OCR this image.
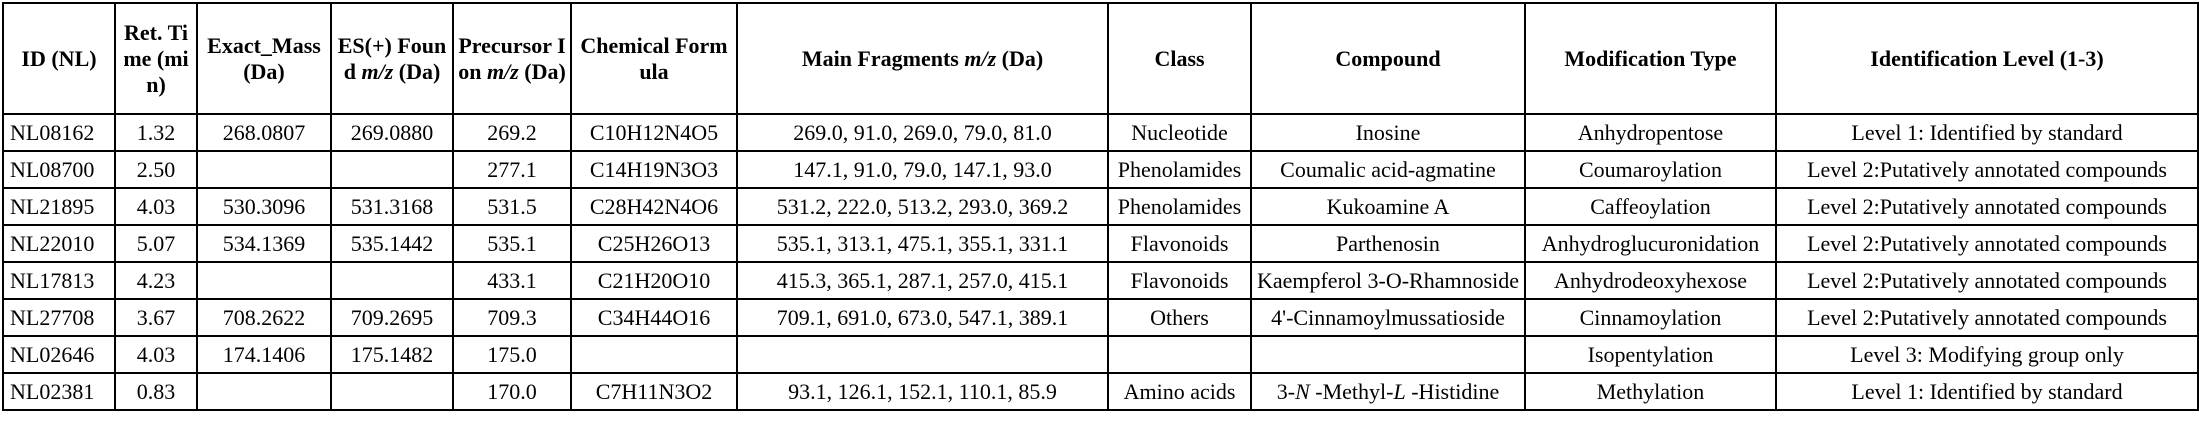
ID (NL)	Ret. Time (min)	Exact_Mass (Da)	ES(+) Found m/z (Da)	Precursor Ion m/z (Da)	Chemical Formula	Main Fragments m/z (Da)	Class	Compound	Modification Type	Identification Level (1-3)
NL08162	1.32	268.0807	269.0880	269.2	C10H12N4O5	269.0, 91.0, 269.0, 79.0, 81.0	Nucleotide	Inosine	Anhydropentose	Level 1: Identified by standard
NL08700	2.50			277.1	C14H19N3O3	147.1, 91.0, 79.0, 147.1, 93.0	Phenolamides	Coumalic acid-agmatine	Coumaroylation	Level 2:Putatively annotated compounds
NL21895	4.03	530.3096	531.3168	531.5	C28H42N4O6	531.2, 222.0, 513.2, 293.0, 369.2	Phenolamides	Kukoamine A	Caffeoylation	Level 2:Putatively annotated compounds
NL22010	5.07	534.1369	535.1442	535.1	C25H26O13	535.1, 313.1, 475.1, 355.1, 331.1	Flavonoids	Parthenosin	Anhydroglucuronidation	Level 2:Putatively annotated compounds
NL17813	4.23			433.1	C21H20O10	415.3, 365.1, 287.1, 257.0, 415.1	Flavonoids	Kaempferol 3-O-Rhamnoside	Anhydrodeoxyhexose	Level 2:Putatively annotated compounds
NL27708	3.67	708.2622	709.2695	709.3	C34H44O16	709.1, 691.0, 673.0, 547.1, 389.1	Others	4'-Cinnamoylmussatioside	Cinnamoylation	Level 2:Putatively annotated compounds
NL02646	4.03	174.1406	175.1482	175.0					Isopentylation	Level 3: Modifying group only
NL02381	0.83			170.0	C7H11N3O2	93.1, 126.1, 152.1, 110.1, 85.9	Amino acids	3-N -Methyl-L -Histidine	Methylation	Level 1: Identified by standard
